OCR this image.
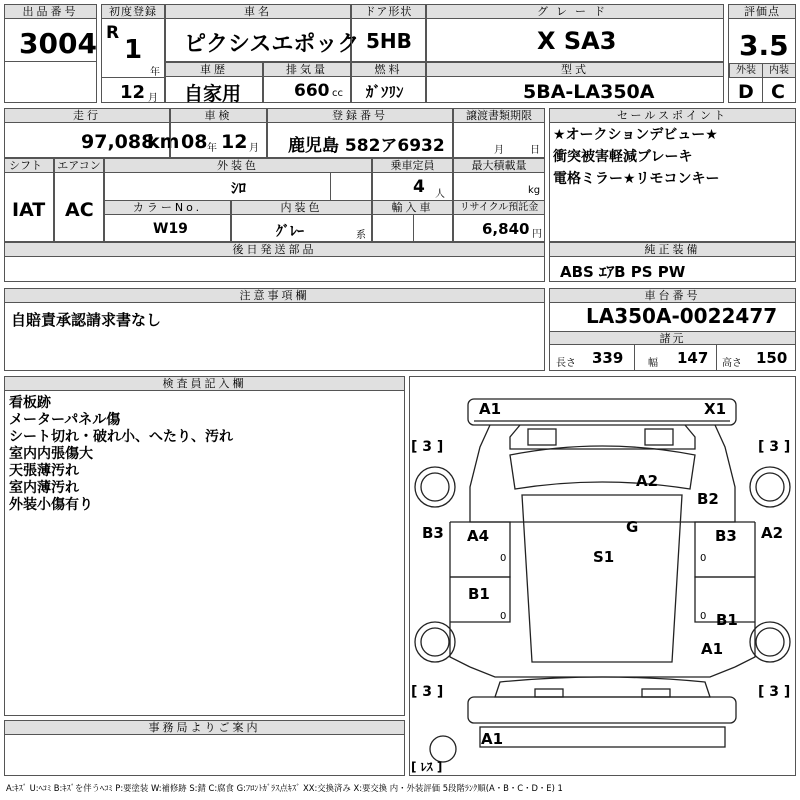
出品番号
3004
初度登録
R
1
年
12 月
車名
ピクシスエポック
ドア形状
5HB
グレード
X SA3
評価点
3.5
外装	内装
D C
車歴
自家用
排気量
660 cc
燃料
ｶﾞｿﾘﾝ
型式
5BA-LA350A
走行
97,088
km
車検
08 年 12 月
登録番号
鹿児島 582ア6932
譲渡書類期限
月	日
シフト
IAT
エアコン
AC
外装色
ｼﾛ
乗車定員
4 人
最大積載量
kg
カラーNo.
W19
内装色
ｸﾞﾚｰ	系
輸入車	リサイクル預託金
6,840 円
後日発送部品
セールスポイント
★オークションデビュー★
衝突被害軽減ブレーキ
電格ミラー★リモコンキー
純正装備
ABS ｴｱB PS PW
注意事項欄
自賠責承認請求書なし
車台番号
LA350A-0022477
諸元
長さ 339 幅 147 高さ 150
検査員記入欄
看板跡
メーターパネル傷
シート切れ・破れ小、へたり、汚れ
室内内張傷大
天張薄汚れ
室内薄汚れ
外装小傷有り
事務局よりご案内
A1	X1
A2
B2
G
A4
B3	B3 A2
S1
B1
B1
A1
A1
[ 3 ]	[ 3 ]
[ 3 ]	[ 3 ]
[ ﾚｽ ]
0	0
0	0
A:ｷｽﾞ U:ﾍｺﾐ B:ｷｽﾞを伴うﾍｺﾐ P:要塗装 W:補修跡 S:錆 C:腐食 G:ﾌﾛﾝﾄｶﾞﾗｽ点ｷｽﾞ XX:交換済み X:要交換 内・外装評価 5段階ﾗﾝｸ順(A・B・C・D・E) 1
